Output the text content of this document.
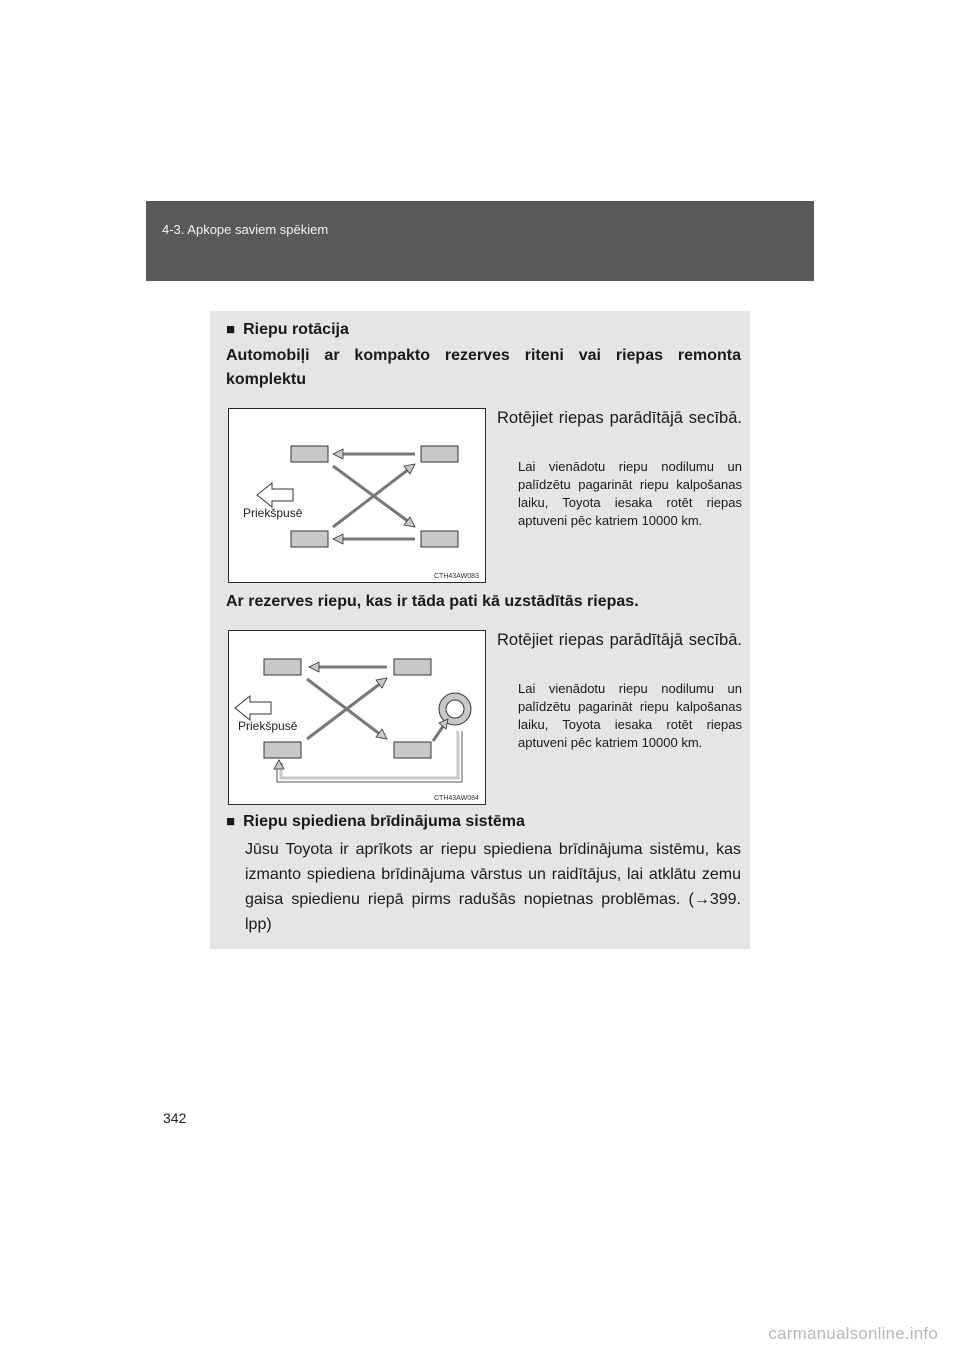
4-3. Apkope saviem spēkiem
■ Riepu rotācija
Automobiļi ar kompakto rezerves riteni vai riepas remonta komplektu
Priekšpusē
CTH43AW083
Rotējiet riepas parādītājā secībā.
Lai vienādotu riepu nodilumu un palīdzētu pagarināt riepu kalpošanas laiku, Toyota iesaka rotēt riepas aptuveni pēc katriem 10000 km.
Ar rezerves riepu, kas ir tāda pati kā uzstādītās riepas.
Priekšpusē
CTH43AW084
Rotējiet riepas parādītājā secībā.
Lai vienādotu riepu nodilumu un palīdzētu pagarināt riepu kalpošanas laiku, Toyota iesaka rotēt riepas aptuveni pēc katriem 10000 km.
■ Riepu spiediena brīdinājuma sistēma
Jūsu Toyota ir aprīkots ar riepu spiediena brīdinājuma sistēmu, kas izmanto spiediena brīdinājuma vārstus un raidītājus, lai atklātu zemu gaisa spiedienu riepā pirms radušās nopietnas problēmas. (→399. lpp)
342
carmanualsonline.info
